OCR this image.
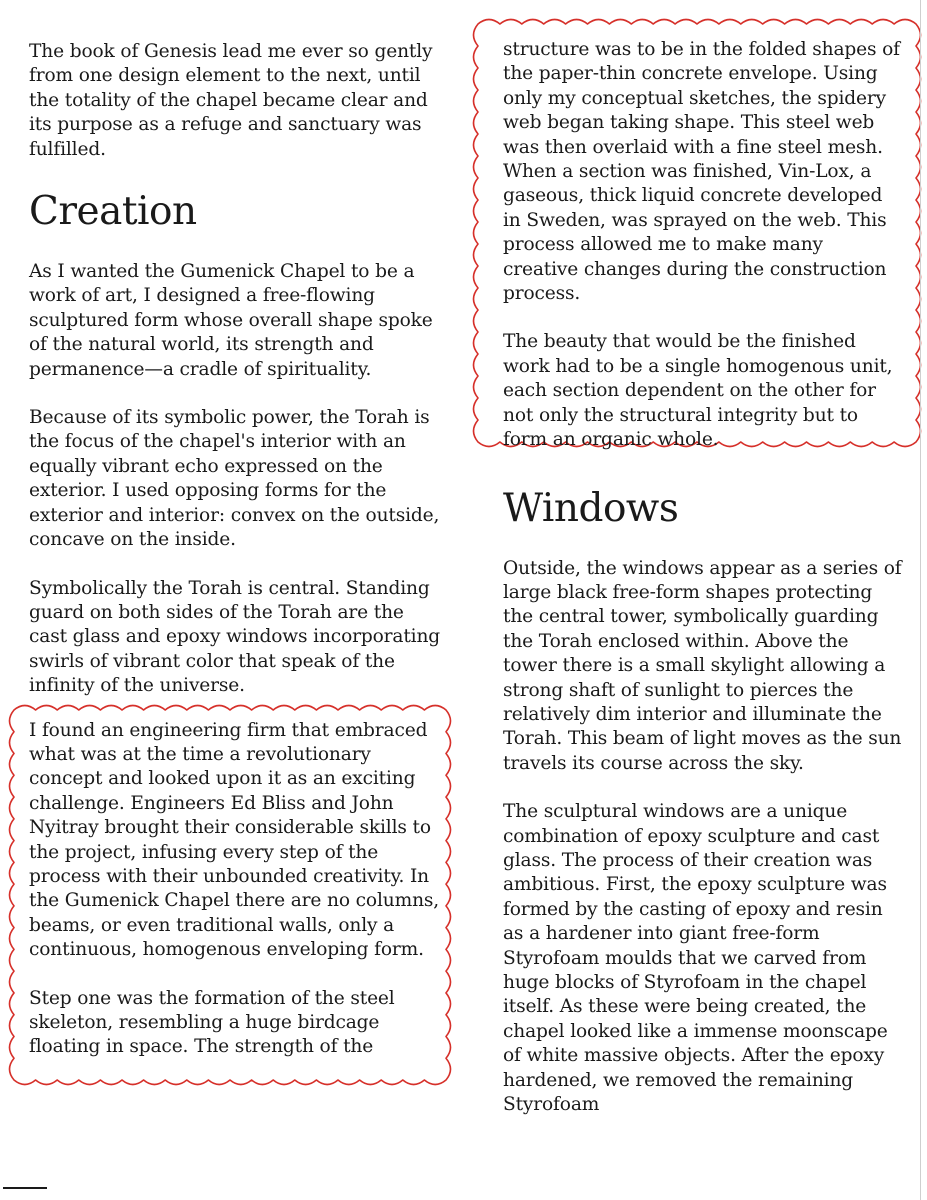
The book of Genesis lead me ever so gently from one design element to the next, until the totality of the chapel became clear and its purpose as a refuge and sanctuary was fulfilled.

Creation

As I wanted the Gumenick Chapel to be a work of art, I designed a free-flowing sculptured form whose overall shape spoke of the natural world, its strength and permanence—a cradle of spirituality.

Because of its symbolic power, the Torah is the focus of the chapel's interior with an equally vibrant echo expressed on the exterior. I used opposing forms for the exterior and interior: convex on the outside, concave on the inside.

Symbolically the Torah is central. Standing guard on both sides of the Torah are the cast glass and epoxy windows incorporating swirls of vibrant color that speak of the infinity of the universe.

I found an engineering firm that embraced what was at the time a revolutionary concept and looked upon it as an exciting challenge. Engineers Ed Bliss and John Nyitray brought their considerable skills to the project, infusing every step of the process with their unbounded creativity. In the Gumenick Chapel there are no columns, beams, or even traditional walls, only a continuous, homogenous enveloping form.

Step one was the formation of the steel skeleton, resembling a huge birdcage floating in space. The strength of the

structure was to be in the folded shapes of the paper-thin concrete envelope. Using only my conceptual sketches, the spidery web began taking shape. This steel web was then overlaid with a fine steel mesh. When a section was finished, Vin-Lox, a gaseous, thick liquid concrete developed in Sweden, was sprayed on the web. This process allowed me to make many creative changes during the construction process.

The beauty that would be the finished work had to be a single homogenous unit, each section dependent on the other for not only the structural integrity but to form an organic whole.

Windows

Outside, the windows appear as a series of large black free-form shapes protecting the central tower, symbolically guarding the Torah enclosed within. Above the tower there is a small skylight allowing a strong shaft of sunlight to pierces the relatively dim interior and illuminate the Torah. This beam of light moves as the sun travels its course across the sky.

The sculptural windows are a unique combination of epoxy sculpture and cast glass. The process of their creation was ambitious. First, the epoxy sculpture was formed by the casting of epoxy and resin as a hardener into giant free-form Styrofoam moulds that we carved from huge blocks of Styrofoam in the chapel itself. As these were being created, the chapel looked like a immense moonscape of white massive objects. After the epoxy hardened, we removed the remaining Styrofoam
